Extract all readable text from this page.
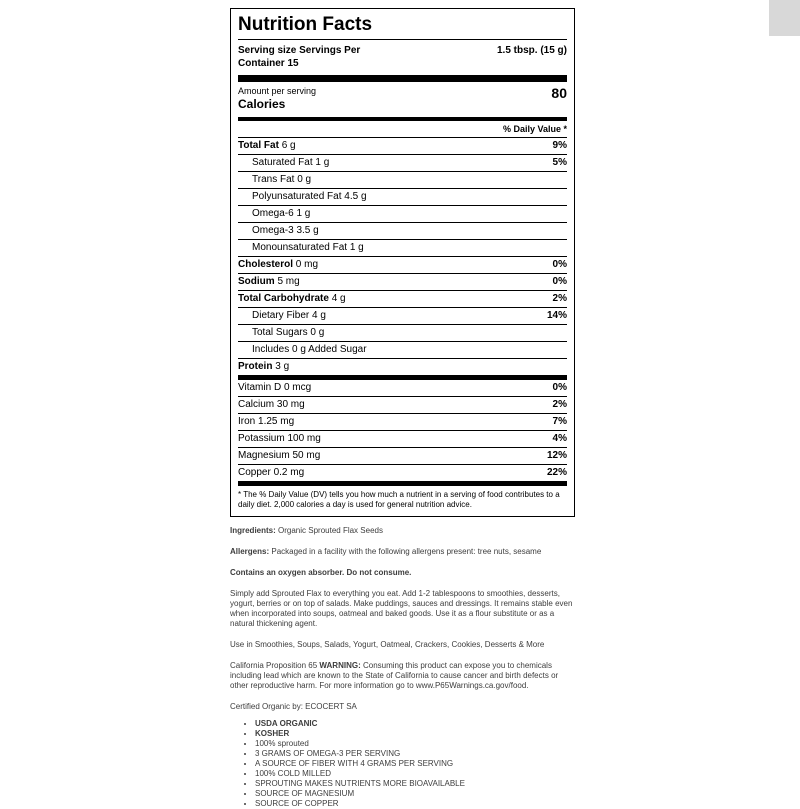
Nutrition Facts
Serving size Servings Per Container 15
1.5 tbsp. (15 g)
Amount per serving
Calories
80
% Daily Value *
Total Fat 6 g	9%
Saturated Fat 1 g	5%
Trans Fat 0 g
Polyunsaturated Fat 4.5 g
Omega-6 1 g
Omega-3 3.5 g
Monounsaturated Fat 1 g
Cholesterol 0 mg	0%
Sodium 5 mg	0%
Total Carbohydrate 4 g	2%
Dietary Fiber 4 g	14%
Total Sugars 0 g
Includes 0 g Added Sugar
Protein 3 g
Vitamin D 0 mcg	0%
Calcium 30 mg	2%
Iron 1.25 mg	7%
Potassium 100 mg	4%
Magnesium 50 mg	12%
Copper 0.2 mg	22%
* The % Daily Value (DV) tells you how much a nutrient in a serving of food contributes to a daily diet. 2,000 calories a day is used for general nutrition advice.

Ingredients: Organic Sprouted Flax Seeds

Allergens: Packaged in a facility with the following allergens present: tree nuts, sesame

Contains an oxygen absorber. Do not consume.

Simply add Sprouted Flax to everything you eat. Add 1-2 tablespoons to smoothies, desserts, yogurt, berries or on top of salads. Make puddings, sauces and dressings. It remains stable even when incorporated into soups, oatmeal and baked goods. Use it as a flour substitute or as a natural thickening agent.

Use in Smoothies, Soups, Salads, Yogurt, Oatmeal, Crackers, Cookies, Desserts & More

California Proposition 65 WARNING: Consuming this product can expose you to chemicals including lead which are known to the State of California to cause cancer and birth defects or other reproductive harm. For more information go to www.P65Warnings.ca.gov/food.

Certified Organic by: ECOCERT SA

• USDA ORGANIC
• KOSHER
• 100% sprouted
• 3 GRAMS OF OMEGA-3 PER SERVING
• A SOURCE OF FIBER WITH 4 GRAMS PER SERVING
• 100% COLD MILLED
• SPROUTING MAKES NUTRIENTS MORE BIOAVAILABLE
• SOURCE OF MAGNESIUM
• SOURCE OF COPPER
